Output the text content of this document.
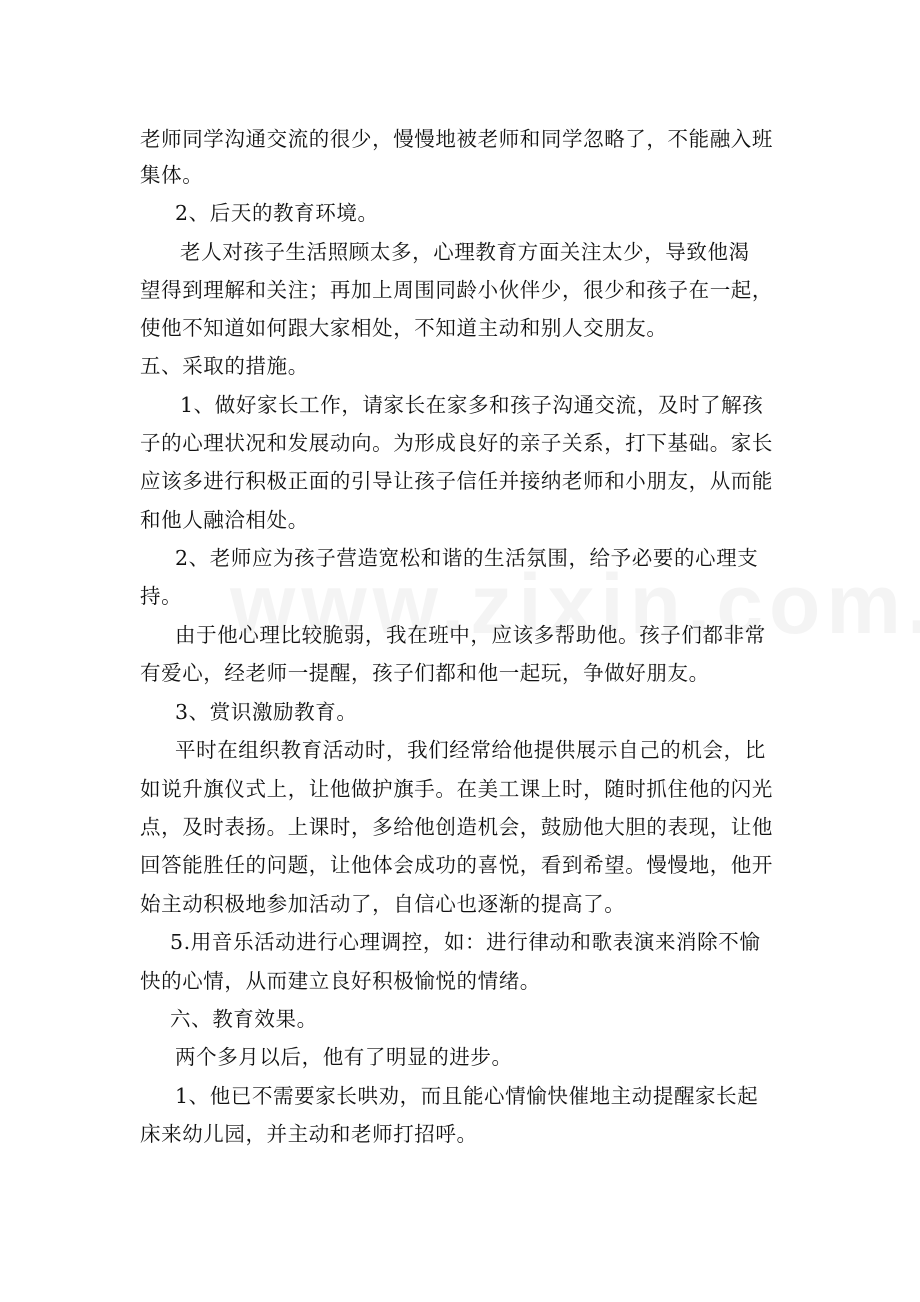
老师同学沟通交流的很少，慢慢地被老师和同学忽略了，不能融入班
集体。
2、后天的教育环境。
老人对孩子生活照顾太多，心理教育方面关注太少，导致他渴
望得到理解和关注；再加上周围同龄小伙伴少，很少和孩子在一起，
使他不知道如何跟大家相处，不知道主动和别人交朋友。
五、采取的措施。
1、做好家长工作，请家长在家多和孩子沟通交流，及时了解孩
子的心理状况和发展动向。为形成良好的亲子关系，打下基础。家长
应该多进行积极正面的引导让孩子信任并接纳老师和小朋友，从而能
和他人融洽相处。
2、老师应为孩子营造宽松和谐的生活氛围，给予必要的心理支
持。
由于他心理比较脆弱，我在班中，应该多帮助他。孩子们都非常
有爱心，经老师一提醒，孩子们都和他一起玩，争做好朋友。
3、赏识激励教育。
平时在组织教育活动时，我们经常给他提供展示自己的机会，比
如说升旗仪式上，让他做护旗手。在美工课上时，随时抓住他的闪光
点，及时表扬。上课时，多给他创造机会，鼓励他大胆的表现，让他
回答能胜任的问题，让他体会成功的喜悦，看到希望。慢慢地，他开
始主动积极地参加活动了，自信心也逐渐的提高了。
5.用音乐活动进行心理调控，如：进行律动和歌表演来消除不愉
快的心情，从而建立良好积极愉悦的情绪。
六、教育效果。
两个多月以后，他有了明显的进步。
1、他已不需要家长哄劝，而且能心情愉快催地主动提醒家长起
床来幼儿园，并主动和老师打招呼。
